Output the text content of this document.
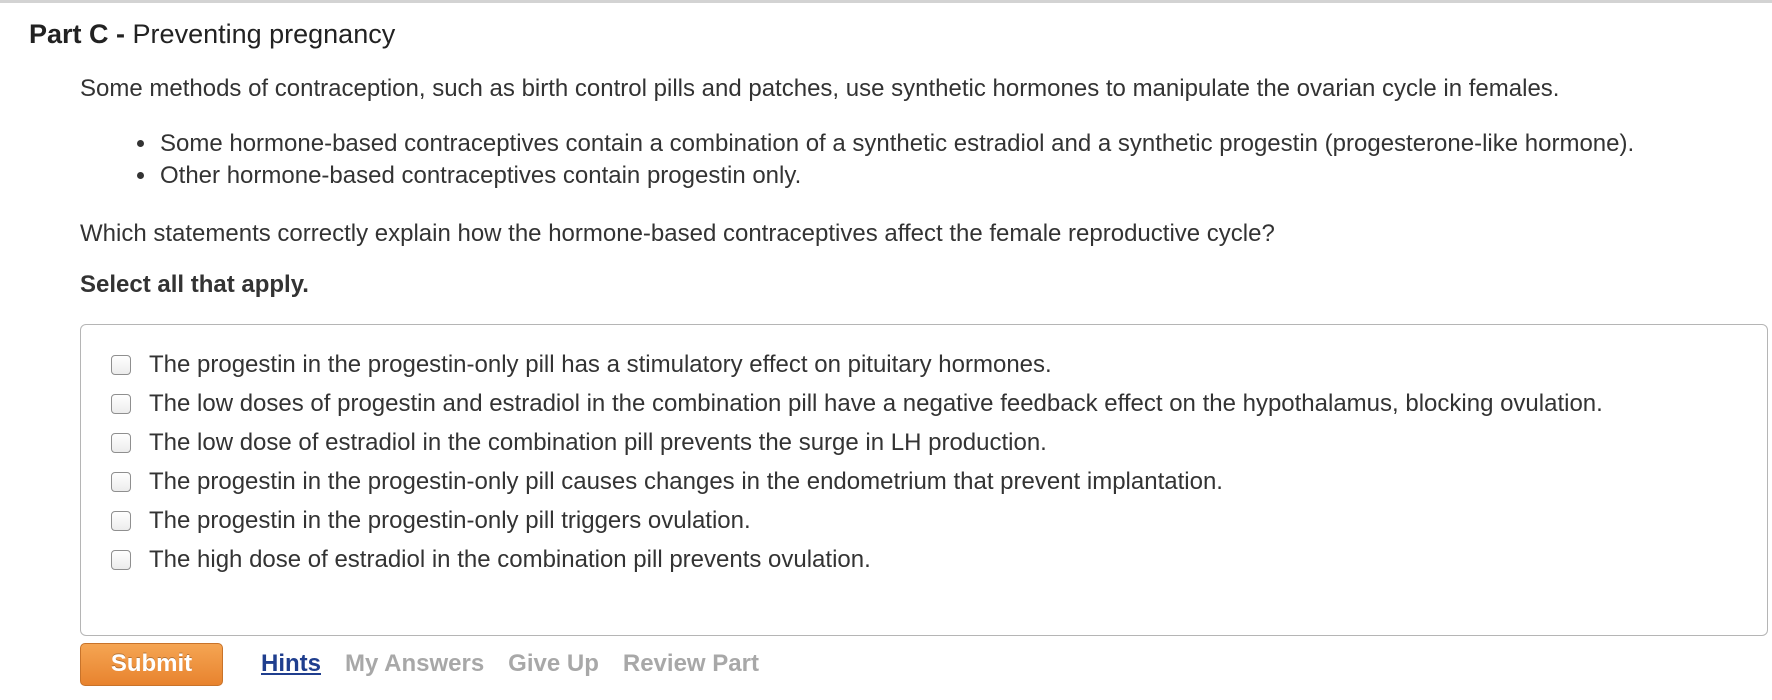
Part C - Preventing pregnancy

Some methods of contraception, such as birth control pills and patches, use synthetic hormones to manipulate the ovarian cycle in females.

• Some hormone-based contraceptives contain a combination of a synthetic estradiol and a synthetic progestin (progesterone-like hormone).
• Other hormone-based contraceptives contain progestin only.

Which statements correctly explain how the hormone-based contraceptives affect the female reproductive cycle?

Select all that apply.

The progestin in the progestin-only pill has a stimulatory effect on pituitary hormones.
The low doses of progestin and estradiol in the combination pill have a negative feedback effect on the hypothalamus, blocking ovulation.
The low dose of estradiol in the combination pill prevents the surge in LH production.
The progestin in the progestin-only pill causes changes in the endometrium that prevent implantation.
The progestin in the progestin-only pill triggers ovulation.
The high dose of estradiol in the combination pill prevents ovulation.
Submit	Hints My Answers Give Up Review Part
